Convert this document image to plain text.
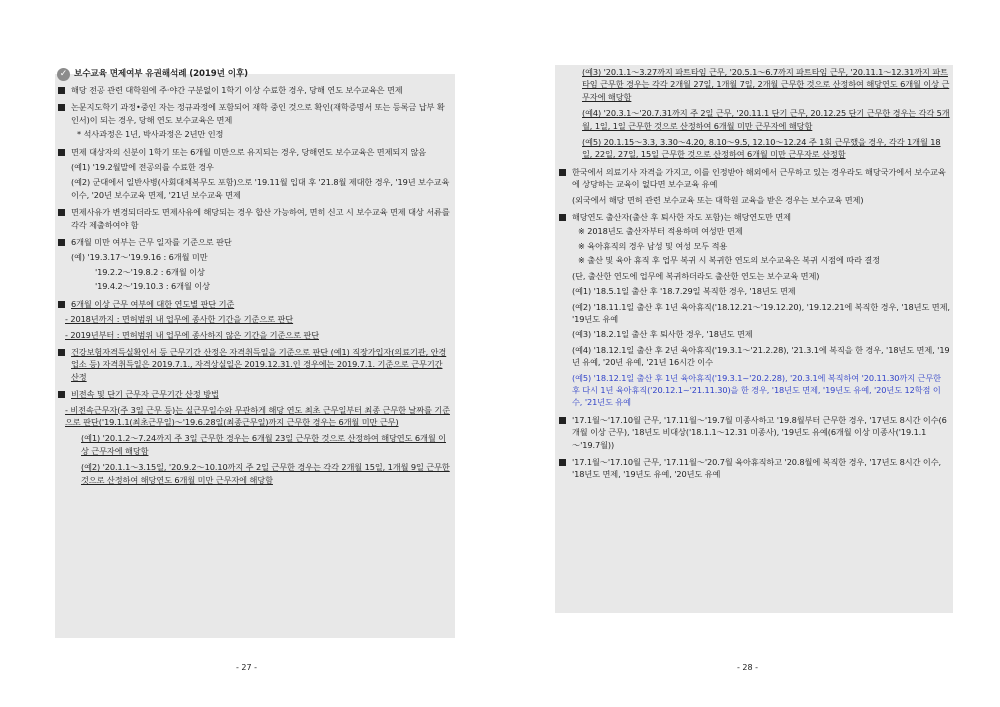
✓ 보수교육 면제여부 유권해석례 (2019년 이후)
해당 전공 관련 대학원에 주·야간 구분없이 1학기 이상 수료한 경우, 당해 연도 보수교육은 면제
논문지도학기 과정•중인 자는 정규과정에 포함되어 재학 중인 것으로 확인(재학증명서 또는 등록금 납부 확인서)이 되는 경우, 당해 연도 보수교육은 면제
* 석사과정은 1년, 박사과정은 2년만 인정
면제 대상자의 신분이 1학기 또는 6개월 미만으로 유지되는 경우, 당해연도 보수교육은 면제되지 않음
(예1) '19.2월말에 전공의를 수료한 경우
(예2) 군대에서 일반사병(사회대체복무도 포함)으로 '19.11월 입대 후 '21.8월 제대한 경우, '19년 보수교육 이수, '20년 보수교육 면제, '21년 보수교육 면제
면제사유가 변경되더라도 면제사유에 해당되는 경우 합산 가능하여, 면히 신고 시 보수교육 면제 대상 서류를 각각 제출하여야 함
6개월 미만 여부는 근무 일자를 기준으로 판단
(예) '19.3.17～'19.9.16 : 6개월 미만
'19.2.2～'19.8.2 : 6개월 이상
'19.4.2～'19.10.3 : 6개월 이상
6개월 이상 근무 여부에 대한 연도별 판단 기준
- 2018년까지 : 면허범위 내 업무에 종사한 기간을 기준으로 판단
- 2019년부터 : 면허범위 내 업무에 종사하지 않은 기간을 기준으로 판단
건강보험자격득실확인서 등 근무기간 산정은 자격취득일을 기준으로 판단 (예1) 직장가입자(의료기관, 안경업소 등) 자격취득일은 2019.7.1., 자격상실일은 2019.12.31.인 경우에는 2019.7.1. 기준으로 근무기간 산정
비전속 및 단기 근무자 근무기간 산정 방법
- 비전속근무자(주 3일 근무 등)는 실근무일수와 무관하게 해당 연도 최초 근무일부터 최종 근무한 날짜를 기준으로 판단('19.1.1(최초근무일)～'19.6.28일(최종근무일)까지 근무한 경우는 6개월 미만 근무)
(예1) '20.1.2～7.24까지 주 3일 근무한 경우는 6개월 23일 근무한 것으로 산정하여 해당연도 6개월 이상 근무자에 해당함
(예2) '20.1.1～3.15일, '20.9.2～10.10까지 주 2일 근무한 경우는 각각 2개월 15일, 1개월 9일 근무한 것으로 산정하여 해당연도 6개월 미만 근무자에 해당함
(예3) '20.1.1～3.27까지 파트타임 근무, '20.5.1～6.7까지 파트타임 근무, '20.11.1～12.31까지 파트타임 근무한 경우는 각각 2개월 27일, 1개월 7일, 2개월 근무한 것으로 산정하여 해당연도 6개월 이상 근무자에 해당함
(예4) '20.3.1～'20.7.31까지 주 2일 근무, '20.11.1 단기 근무, 20.12.25 단기 근무한 경우는 각각 5개월, 1일, 1일 근무한 것으로 산정하여 6개월 미만 근무자에 해당함
(예5) 20.1.15～3.3, 3.30～4.20, 8.10～9.5, 12.10～12.24 주 1회 근무했을 경우, 각각 1개월 18일, 22일, 27일, 15일 근무한 것으로 산정하여 6개월 미만 근무자로 산정함
한국에서 의료기사 자격을 가지고, 이를 인정받아 해외에서 근무하고 있는 경우라도 해당국가에서 보수교육에 상당하는 교육이 없다면 보수교육 유예
(외국에서 해당 면허 관련 보수교육 또는 대학원 교육을 받은 경우는 보수교육 면제)
해당연도 출산자(출산 후 퇴사한 자도 포함)는 해당연도만 면제
※ 2018년도 출산자부터 적용하며 여성만 면제
※ 육아휴직의 경우 남성 및 여성 모두 적용
※ 출산 및 육아 휴직 후 업무 복귀 시 복귀한 연도의 보수교육은 복귀 시점에 따라 결정
(단, 출산한 연도에 업무에 복귀하더라도 출산한 연도는 보수교육 면제)
(예1) '18.5.1일 출산 후 '18.7.29일 복직한 경우, '18년도 면제
(예2) '18.11.1일 출산 후 1년 육아휴직('18.12.21～'19.12.20), '19.12.21에 복직한 경우, '18년도 면제, '19년도 유예
(예3) '18.2.1일 출산 후 퇴사한 경우, '18년도 면제
(예4) '18.12.1일 출산 후 2년 육아휴직('19.3.1～'21.2.28), '21.3.1에 복직을 한 경우, '18년도 면제, '19년 유예, '20년 유예, '21년 16시간 이수
(예5) '18.12.1일 출산 후 1년 육아휴직('19.3.1~'20.2.28), '20.3.1에 복직하여 '20.11.30까지 근무한 후 다시 1년 육아휴직('20.12.1~'21.11.30)을 한 경우, '18년도 면제, '19년도 유예, '20년도 12학점 이수, '21년도 유예
'17.1월～'17.10월 근무, '17.11월～'19.7월 미종사하고 '19.8월부터 근무한 경우, '17년도 8시간 이수(6개월 이상 근무), '18년도 비대상('18.1.1～12.31 미종사), '19년도 유예(6개월 이상 미종사('19.1.1～'19.7월))
'17.1월～'17.10월 근무, '17.11월～'20.7월 육아휴직하고 '20.8월에 복직한 경우, '17년도 8시간 이수, '18년도 면제, '19년도 유예, '20년도 유예
- 27 -	- 28 -
